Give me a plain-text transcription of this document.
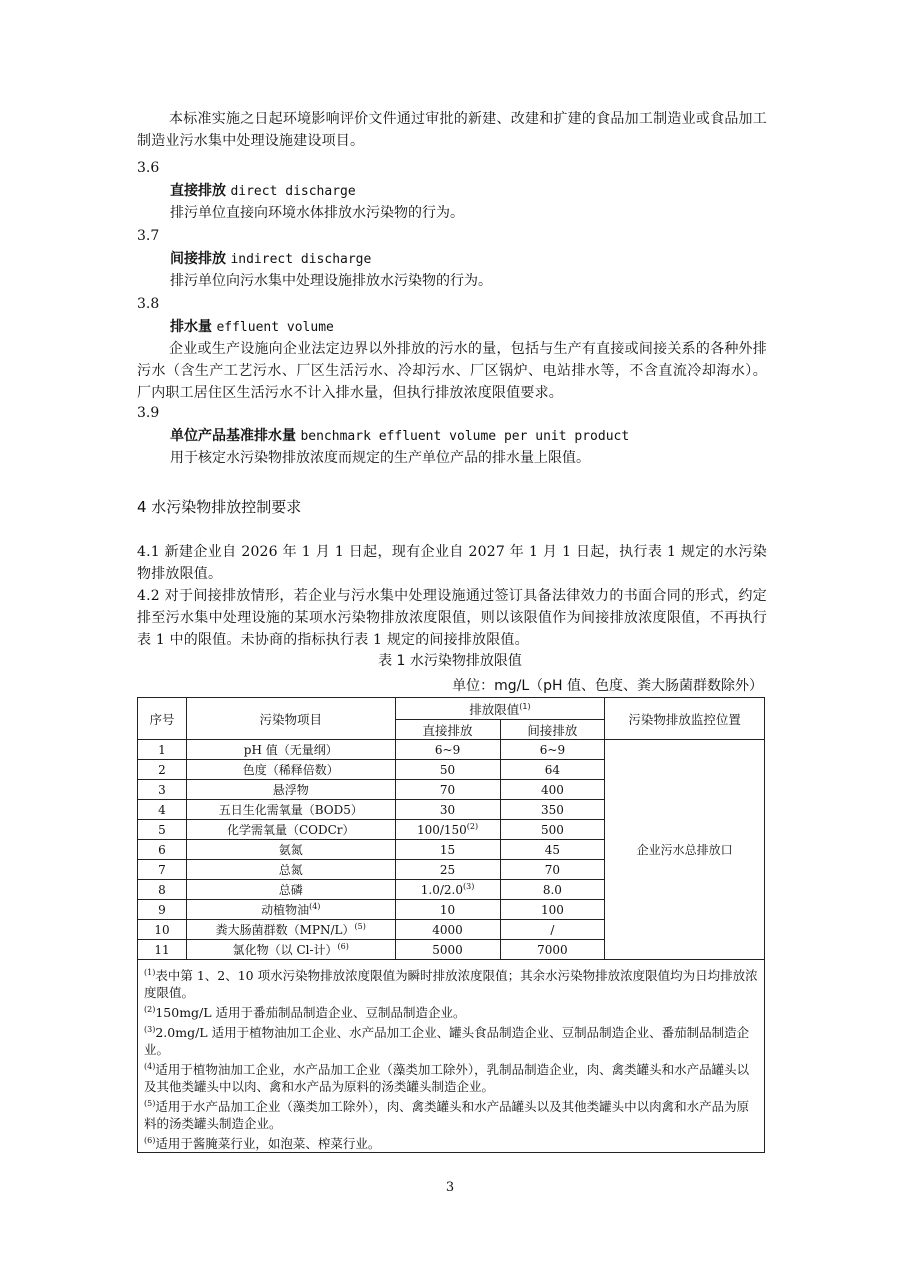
本标准实施之日起环境影响评价文件通过审批的新建、改建和扩建的食品加工制造业或食品加工制造业污水集中处理设施建设项目。
3.6
直接排放 direct discharge
排污单位直接向环境水体排放水污染物的行为。
3.7
间接排放 indirect discharge
排污单位向污水集中处理设施排放水污染物的行为。
3.8
排水量 effluent volume
企业或生产设施向企业法定边界以外排放的污水的量，包括与生产有直接或间接关系的各种外排污水（含生产工艺污水、厂区生活污水、冷却污水、厂区锅炉、电站排水等，不含直流冷却海水）。厂内职工居住区生活污水不计入排水量，但执行排放浓度限值要求。
3.9
单位产品基准排水量 benchmark effluent volume per unit product
用于核定水污染物排放浓度而规定的生产单位产品的排水量上限值。
4 水污染物排放控制要求
4.1 新建企业自 2026 年 1 月 1 日起，现有企业自 2027 年 1 月 1 日起，执行表 1 规定的水污染物排放限值。
4.2 对于间接排放情形，若企业与污水集中处理设施通过签订具备法律效力的书面合同的形式，约定排至污水集中处理设施的某项水污染物排放浓度限值，则以该限值作为间接排放浓度限值，不再执行表 1 中的限值。未协商的指标执行表 1 规定的间接排放限值。
表 1 水污染物排放限值
单位：mg/L（pH 值、色度、粪大肠菌群数除外）
序号	污染物项目	排放限值$^{(1)}$		污染物排放监控位置
		直接排放	间接排放	
1	pH 值（无量纲）	6~9	6~9	企业污水总排放口
2	色度（稀释倍数）	50	64	
3	悬浮物	70	400	
4	五日生化需氧量（BOD5）	30	350	
5	化学需氧量（CODCr）	100/150$^{(2)}$	500	
6	氨氮	15	45	
7	总氮	25	70	
8	总磷	1.0/2.0$^{(3)}$	8.0	
9	动植物油$^{(4)}$	10	100	
10	粪大肠菌群数$(MPN/L)^{(5)}$	4000	/	
11	氯化物（以 Cl-计）$^{(6)}$	5000	7000	

$^{(1)}$表中第 1、2、10 项水污染物排放浓度限值为瞬时排放浓度限值；其余水污染物排放浓度限值均为日均排放浓度限值。

$^{(2)}$150mg/L 适用于番茄制品制造企业、豆制品制造企业。

$^{(3)}$2.0mg/L 适用于植物油加工企业、水产品加工企业、罐头食品制造企业、豆制品制造企业、番茄制品制造企业。

$^{(4)}$适用于植物油加工企业，水产品加工企业（藻类加工除外），乳制品制造企业，肉、禽类罐头和水产品罐头以及其他类罐头中以肉、禽和水产品为原料的汤类罐头制造企业。

$^{(5)}$适用于水产品加工企业（藻类加工除外），肉、禽类罐头和水产品罐头以及其他类罐头中以肉禽和水产品为原料的汤类罐头制造企业。

$^{(6)}$适用于酱腌菜行业，如泡菜、榨菜行业。

3
